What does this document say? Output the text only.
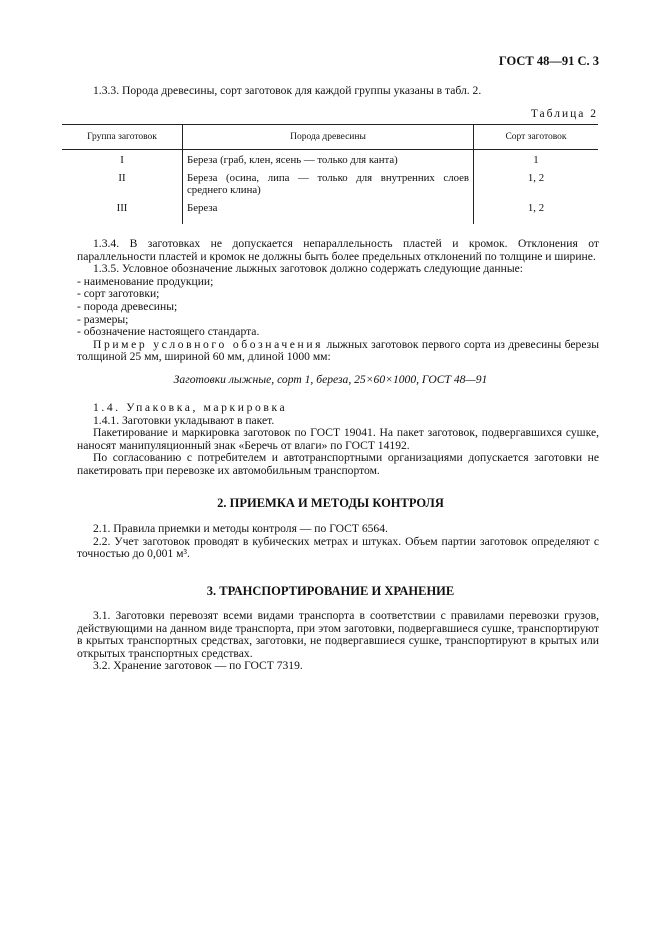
ГОСТ 48—91 С. 3

1.3.3. Порода древесины, сорт заготовок для каждой группы указаны в табл. 2.

Таблица 2
Группа заготовок	Порода древесины	Сорт заготовок
I	Береза (граб, клен, ясень — только для канта)	1
II	Береза (осина, липа — только для внутренних слоев среднего клина)	1, 2
III	Береза	1, 2

1.3.4. В заготовках не допускается непараллельность пластей и кромок. Отклонения от параллельности пластей и кромок не должны быть более предельных отклонений по толщине и ширине.

1.3.5. Условное обозначение лыжных заготовок должно содержать следующие данные:

- наименование продукции;

- сорт заготовки;

- порода древесины;

- размеры;

- обозначение настоящего стандарта.

Пример условного обозначения лыжных заготовок первого сорта из древесины березы толщиной 25 мм, шириной 60 мм, длиной 1000 мм:

Заготовки лыжные, сорт 1, береза, 25×60×1000, ГОСТ 48—91

1.4. Упаковка, маркировка

1.4.1. Заготовки укладывают в пакет.

Пакетирование и маркировка заготовок по ГОСТ 19041. На пакет заготовок, подвергавшихся сушке, наносят манипуляционный знак «Беречь от влаги» по ГОСТ 14192.

По согласованию с потребителем и автотранспортными организациями допускается заготовки не пакетировать при перевозке их автомобильным транспортом.

2. ПРИЕМКА И МЕТОДЫ КОНТРОЛЯ

2.1. Правила приемки и методы контроля — по ГОСТ 6564.

2.2. Учет заготовок проводят в кубических метрах и штуках. Объем партии заготовок определяют с точностью до 0,001 м³.

3. ТРАНСПОРТИРОВАНИЕ И ХРАНЕНИЕ

3.1. Заготовки перевозят всеми видами транспорта в соответствии с правилами перевозки грузов, действующими на данном виде транспорта, при этом заготовки, подвергавшиеся сушке, транспортируют в крытых транспортных средствах, заготовки, не подвергавшиеся сушке, транспортируют в крытых или открытых транспортных средствах.

3.2. Хранение заготовок — по ГОСТ 7319.
